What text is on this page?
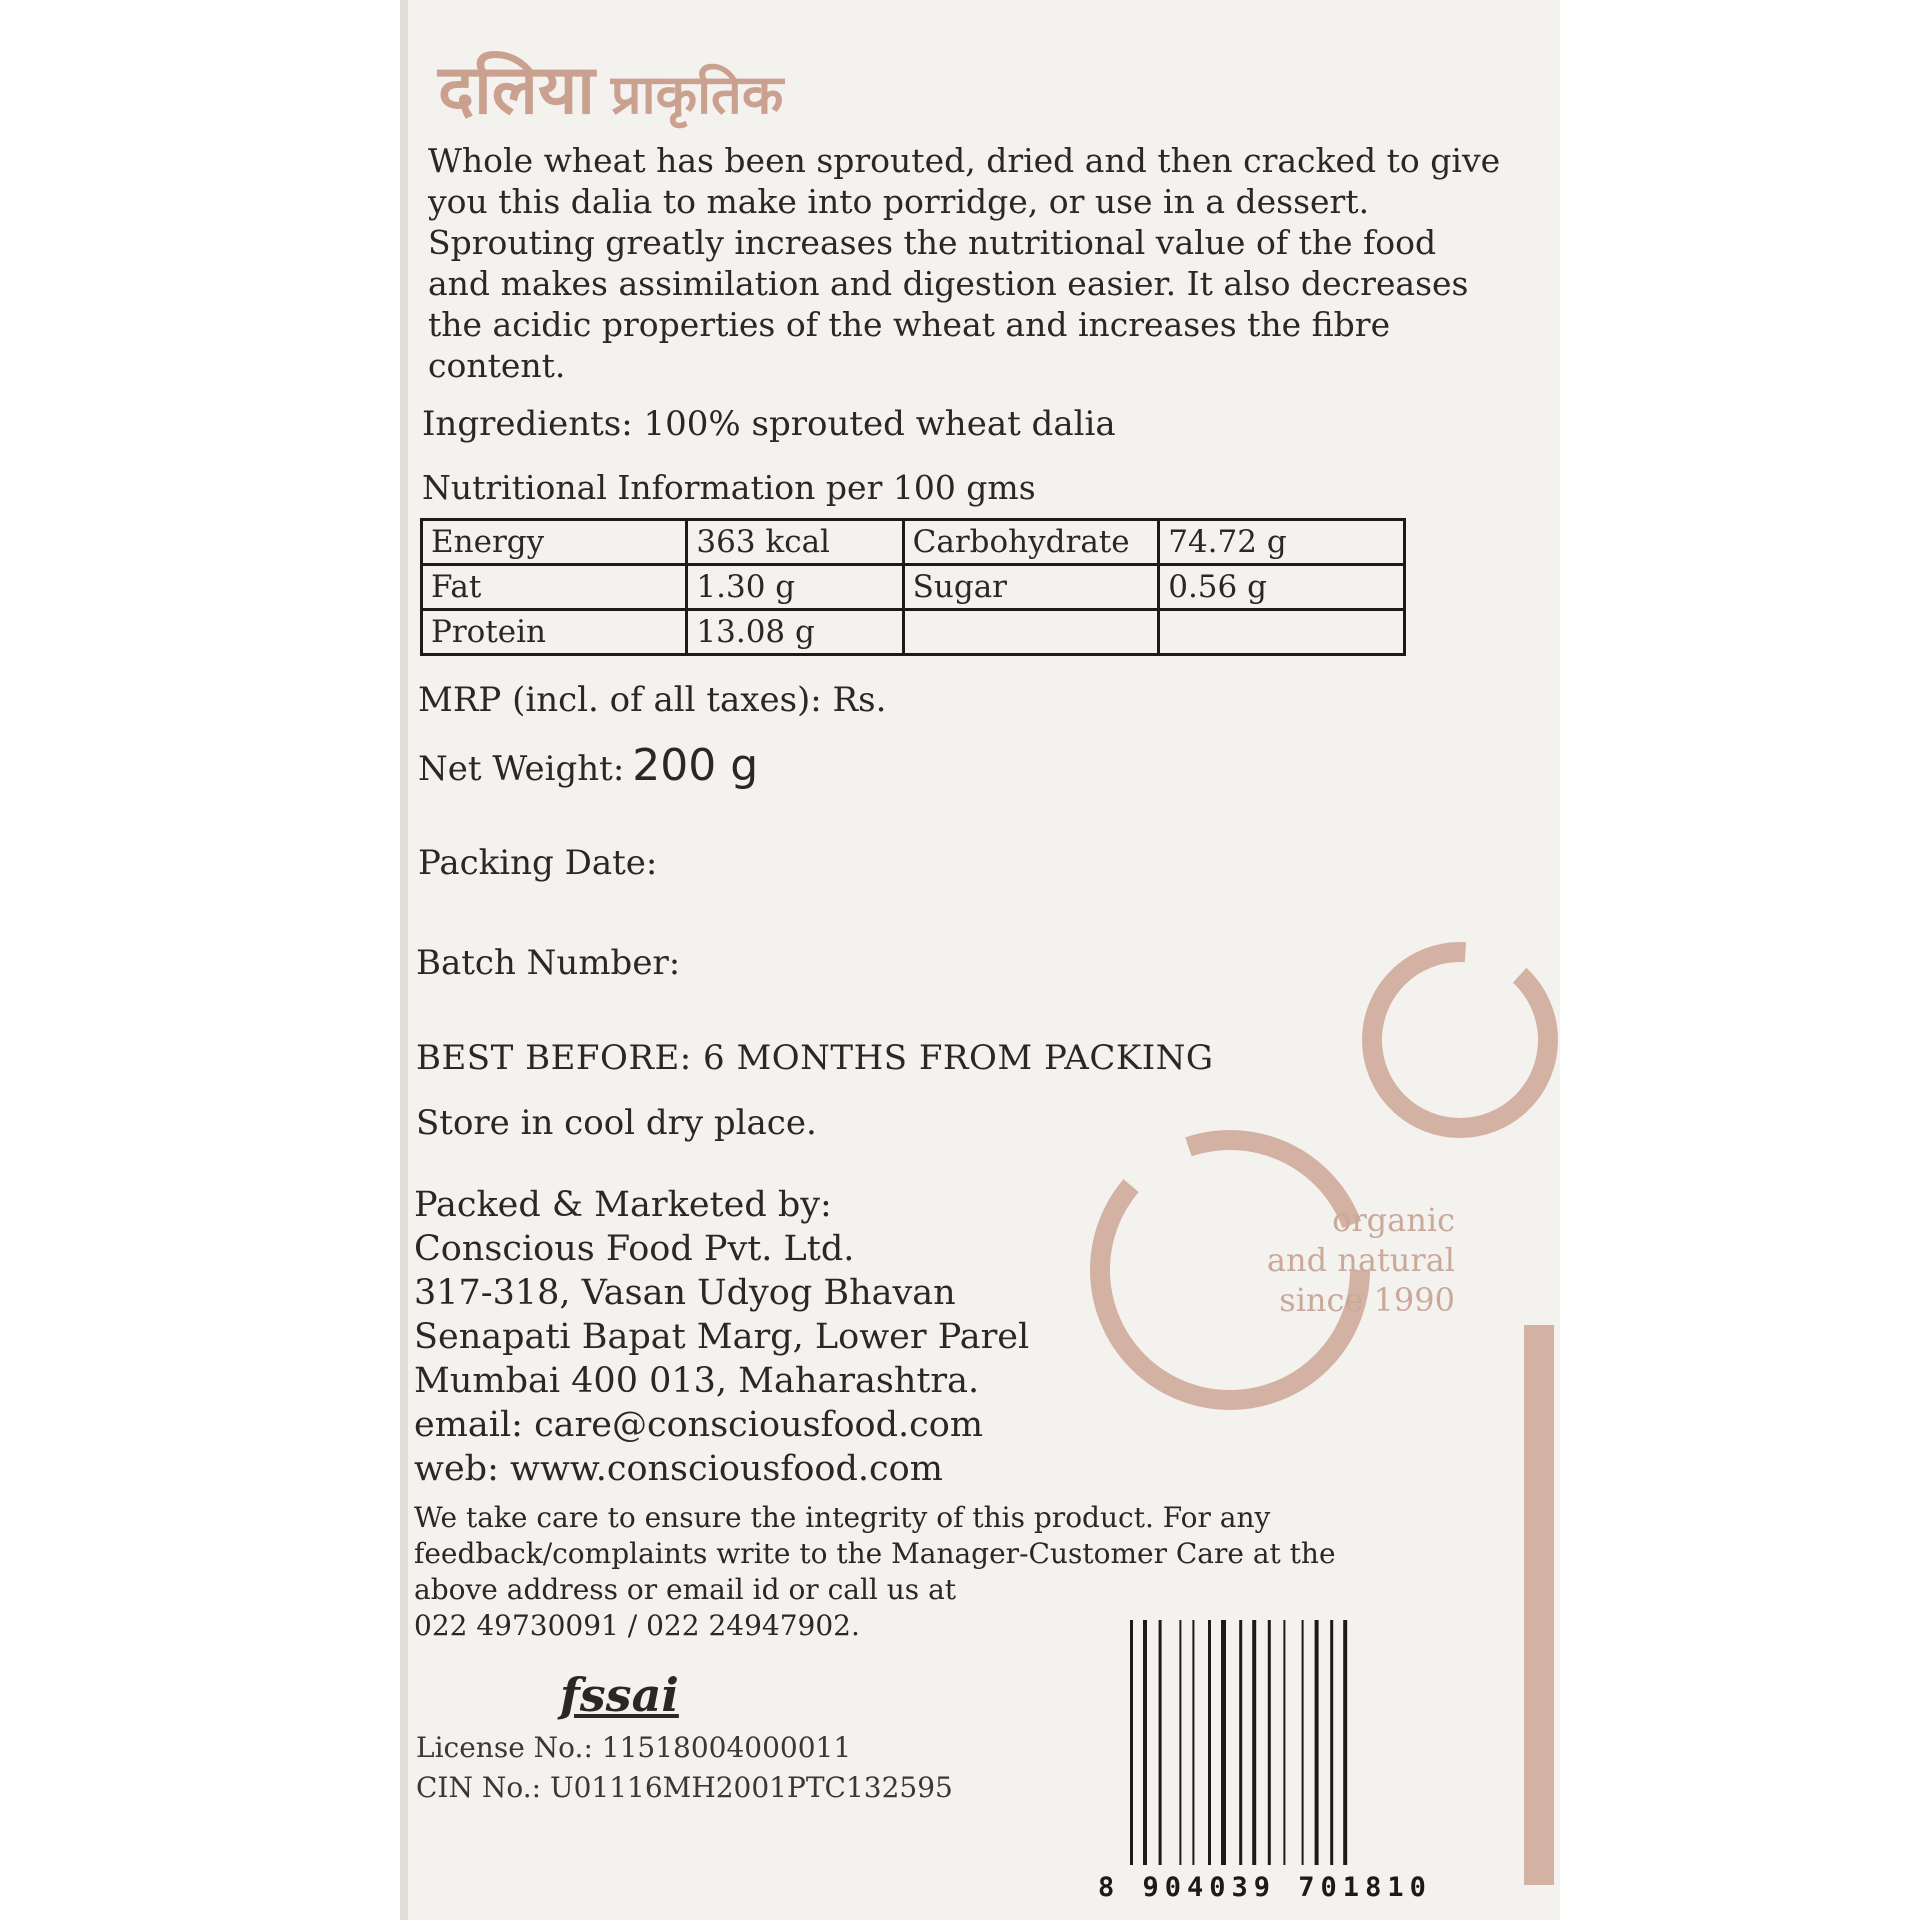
दलिया प्राकृतिक
Whole wheat has been sprouted, dried and then cracked to give
you this dalia to make into porridge, or use in a dessert.
Sprouting greatly increases the nutritional value of the food
and makes assimilation and digestion easier. It also decreases
the acidic properties of the wheat and increases the fibre
content.
Ingredients: 100% sprouted wheat dalia
Nutritional Information per 100 gms
Energy	363 kcal	Carbohydrate	74.72 g
Fat	1.30 g	Sugar	0.56 g
Protein	13.08 g		
MRP (incl. of all taxes): Rs.
Net Weight: 200 g
Packing Date:
Batch Number:
BEST BEFORE: 6 MONTHS FROM PACKING
Store in cool dry place.
Packed & Marketed by:
Conscious Food Pvt. Ltd.
317-318, Vasan Udyog Bhavan
Senapati Bapat Marg, Lower Parel
Mumbai 400 013, Maharashtra.
email: care@consciousfood.com
web: www.consciousfood.com
We take care to ensure the integrity of this product. For any
feedback/complaints write to the Manager-Customer Care at the
above address or email id or call us at
022 49730091 / 022 24947902.
fssai
License No.: 11518004000011
CIN No.: U01116MH2001PTC132595
organic
and natural
since 1990
8 904039 701810
